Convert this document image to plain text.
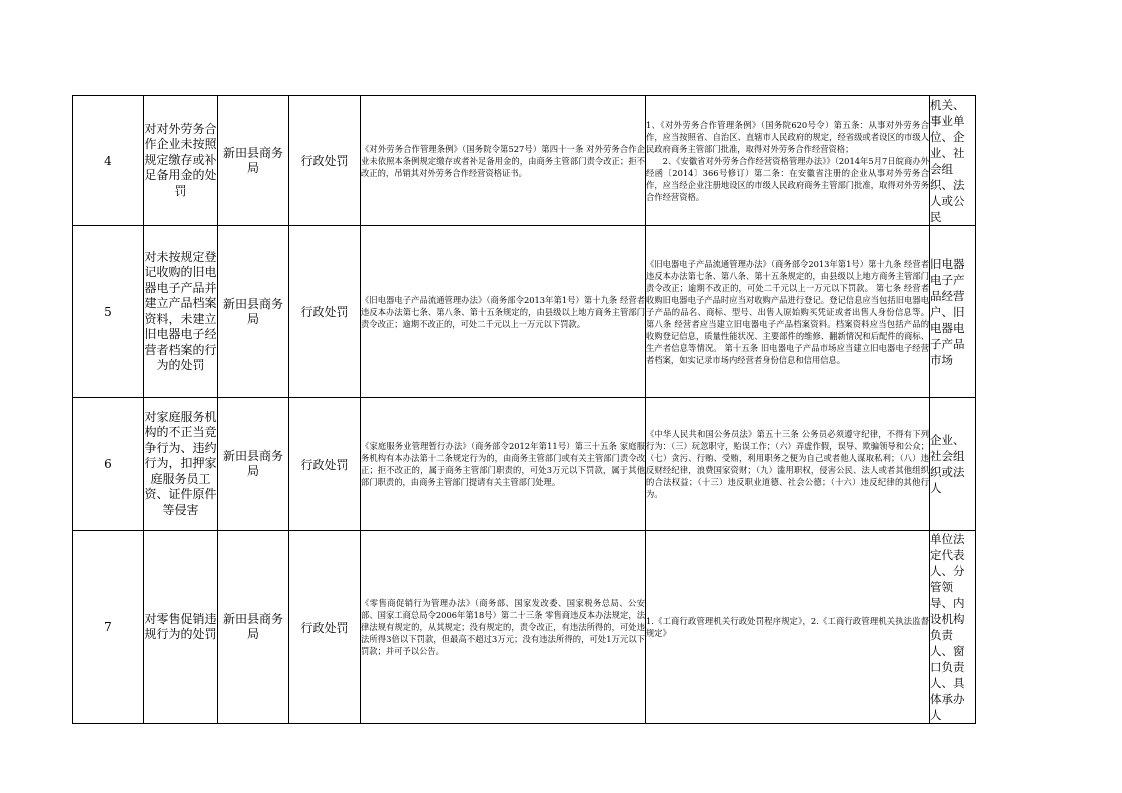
4	对对外劳务合作企业未按照规定缴存或补足备用金的处罚	新田县商务局	行政处罚	《对外劳务合作管理条例》（国务院令第527号）第四十一条 对外劳务合作企业未依照本条例规定缴存或者补足备用金的，由商务主管部门责令改正；拒不改正的，吊销其对外劳务合作经营资格证书。	1、《对外劳务合作管理条例》（国务院620号令）第五条：从事对外劳务合作，应当按照省、自治区、直辖市人民政府的规定，经省级或者设区的市级人民政府商务主管部门批准，取得对外劳务合作经营资格；
　　2、《安徽省对外劳务合作经营资格管理办法》》（2014年5月7日皖商办外经函〔2014〕366号修订）第二条：在安徽省注册的企业从事对外劳务合作，应当经企业注册地设区的市级人民政府商务主管部门批准，取得对外劳务合作经营资格。	机关、事业单位、企业、社会组织、法人或公民
5	对未按规定登记收购的旧电器电子产品并建立产品档案资料，未建立旧电器电子经营者档案的行为的处罚	新田县商务局	行政处罚	《旧电器电子产品流通管理办法》（商务部令2013年第1号）第十九条 经营者违反本办法第七条、第八条、第十五条规定的，由县级以上地方商务主管部门责令改正；逾期不改正的，可处二千元以上一万元以下罚款。	《旧电器电子产品流通管理办法》（商务部令2013年第1号）第十九条 经营者违反本办法第七条、第八条、第十五条规定的，由县级以上地方商务主管部门责令改正；逾期不改正的，可处二千元以上一万元以下罚款。 第七条 经营者收购旧电器电子产品时应当对收购产品进行登记。登记信息应当包括旧电器电子产品的品名、商标、型号、出售人原始购买凭证或者出售人身份信息等。 第八条 经营者应当建立旧电器电子产品档案资料。档案资料应当包括产品的收购登记信息，质量性能状况、主要部件的维修、翻新情况和后配件的商标、生产者信息等情况。 第十五条 旧电器电子产品市场应当建立旧电器电子经营者档案，如实记录市场内经营者身份信息和信用信息。	旧电器电子产品经营户、旧电器电子产品市场
6	对家庭服务机构的不正当竞争行为、违约行为，扣押家庭服务员工资、证件原件等侵害	新田县商务局	行政处罚	《家庭服务业管理暂行办法》（商务部令2012年第11号）第三十五条 家庭服务机构有本办法第十二条规定行为的，由商务主管部门或有关主管部门责令改正；拒不改正的，属于商务主管部门职责的，可处3万元以下罚款，属于其他部门职责的，由商务主管部门提请有关主管部门处理。	《中华人民共和国公务员法》第五十三条 公务员必须遵守纪律，不得有下列行为：（三）玩忽职守，贻误工作；（六）弄虚作假，误导、欺骗领导和公众；（七）贪污、行贿、受贿，利用职务之便为自己或者他人谋取私利；（八）违反财经纪律，浪费国家资财；（九）滥用职权，侵害公民、法人或者其他组织的合法权益；（十三）违反职业道德、社会公德；（十六）违反纪律的其他行为。	企业、社会组织或法人
7	对零售促销违规行为的处罚	新田县商务局	行政处罚	《零售商促销行为管理办法》（商务部、国家发改委、国家税务总局、公安部、国家工商总局令2006年第18号）第二十三条 零售商违反本办法规定，法律法规有规定的，从其规定；没有规定的，责令改正，有违法所得的，可处违法所得3倍以下罚款，但最高不超过3万元；没有违法所得的，可处1万元以下罚款；并可予以公告。	1.《工商行政管理机关行政处罚程序规定》，2.《工商行政管理机关执法监督规定》	单位法定代表人、分管领导、内设机构负责人、窗口负责人、具体承办人
